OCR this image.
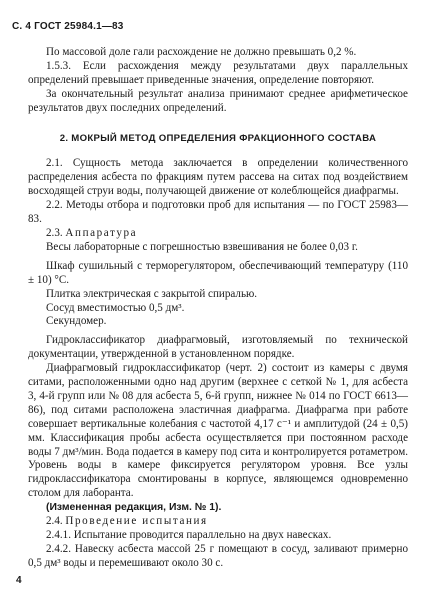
С. 4 ГОСТ 25984.1—83

По массовой доле гали расхождение не должно превышать 0,2 %.

1.5.3. Если расхождения между результатами двух параллельных определений превышает приведенные значения, определение повторяют.

За окончательный результат анализа принимают среднее арифметическое результатов двух последних определений.

2. МОКРЫЙ МЕТОД ОПРЕДЕЛЕНИЯ ФРАКЦИОННОГО СОСТАВА

2.1. Сущность метода заключается в определении количественного распределения асбеста по фракциям путем рассева на ситах под воздействием восходящей струи воды, получающей движение от колеблющейся диафрагмы.

2.2. Методы отбора и подготовки проб для испытания — по ГОСТ 25983—83.

2.3. Аппаратура

Весы лабораторные с погрешностью взвешивания не более 0,03 г.

Шкаф сушильный с терморегулятором, обеспечивающий температуру (110 ± 10) °С.

Плитка электрическая с закрытой спиралью.

Сосуд вместимостью 0,5 дм³.

Секундомер.

Гидроклассификатор диафрагмовый, изготовляемый по технической документации, утвержденной в установленном порядке.

Диафрагмовый гидроклассификатор (черт. 2) состоит из камеры с двумя ситами, расположенными одно над другим (верхнее с сеткой № 1, для асбеста 3, 4-й групп или № 08 для асбеста 5, 6-й групп, нижнее № 014 по ГОСТ 6613—86), под ситами расположена эластичная диафрагма. Диафрагма при работе совершает вертикальные колебания с частотой 4,17 с⁻¹ и амплитудой (24 ± 0,5) мм. Классификация пробы асбеста осуществляется при постоянном расходе воды 7 дм³/мин. Вода подается в камеру под сита и контролируется ротаметром. Уровень воды в камере фиксируется регулятором уровня. Все узлы гидроклассификатора смонтированы в корпусе, являющемся одновременно столом для лаборанта.

(Измененная редакция, Изм. № 1).

2.4. Проведение испытания

2.4.1. Испытание проводится параллельно на двух навесках.

2.4.2. Навеску асбеста массой 25 г помещают в сосуд, заливают примерно 0,5 дм³ воды и перемешивают около 30 с.

4
